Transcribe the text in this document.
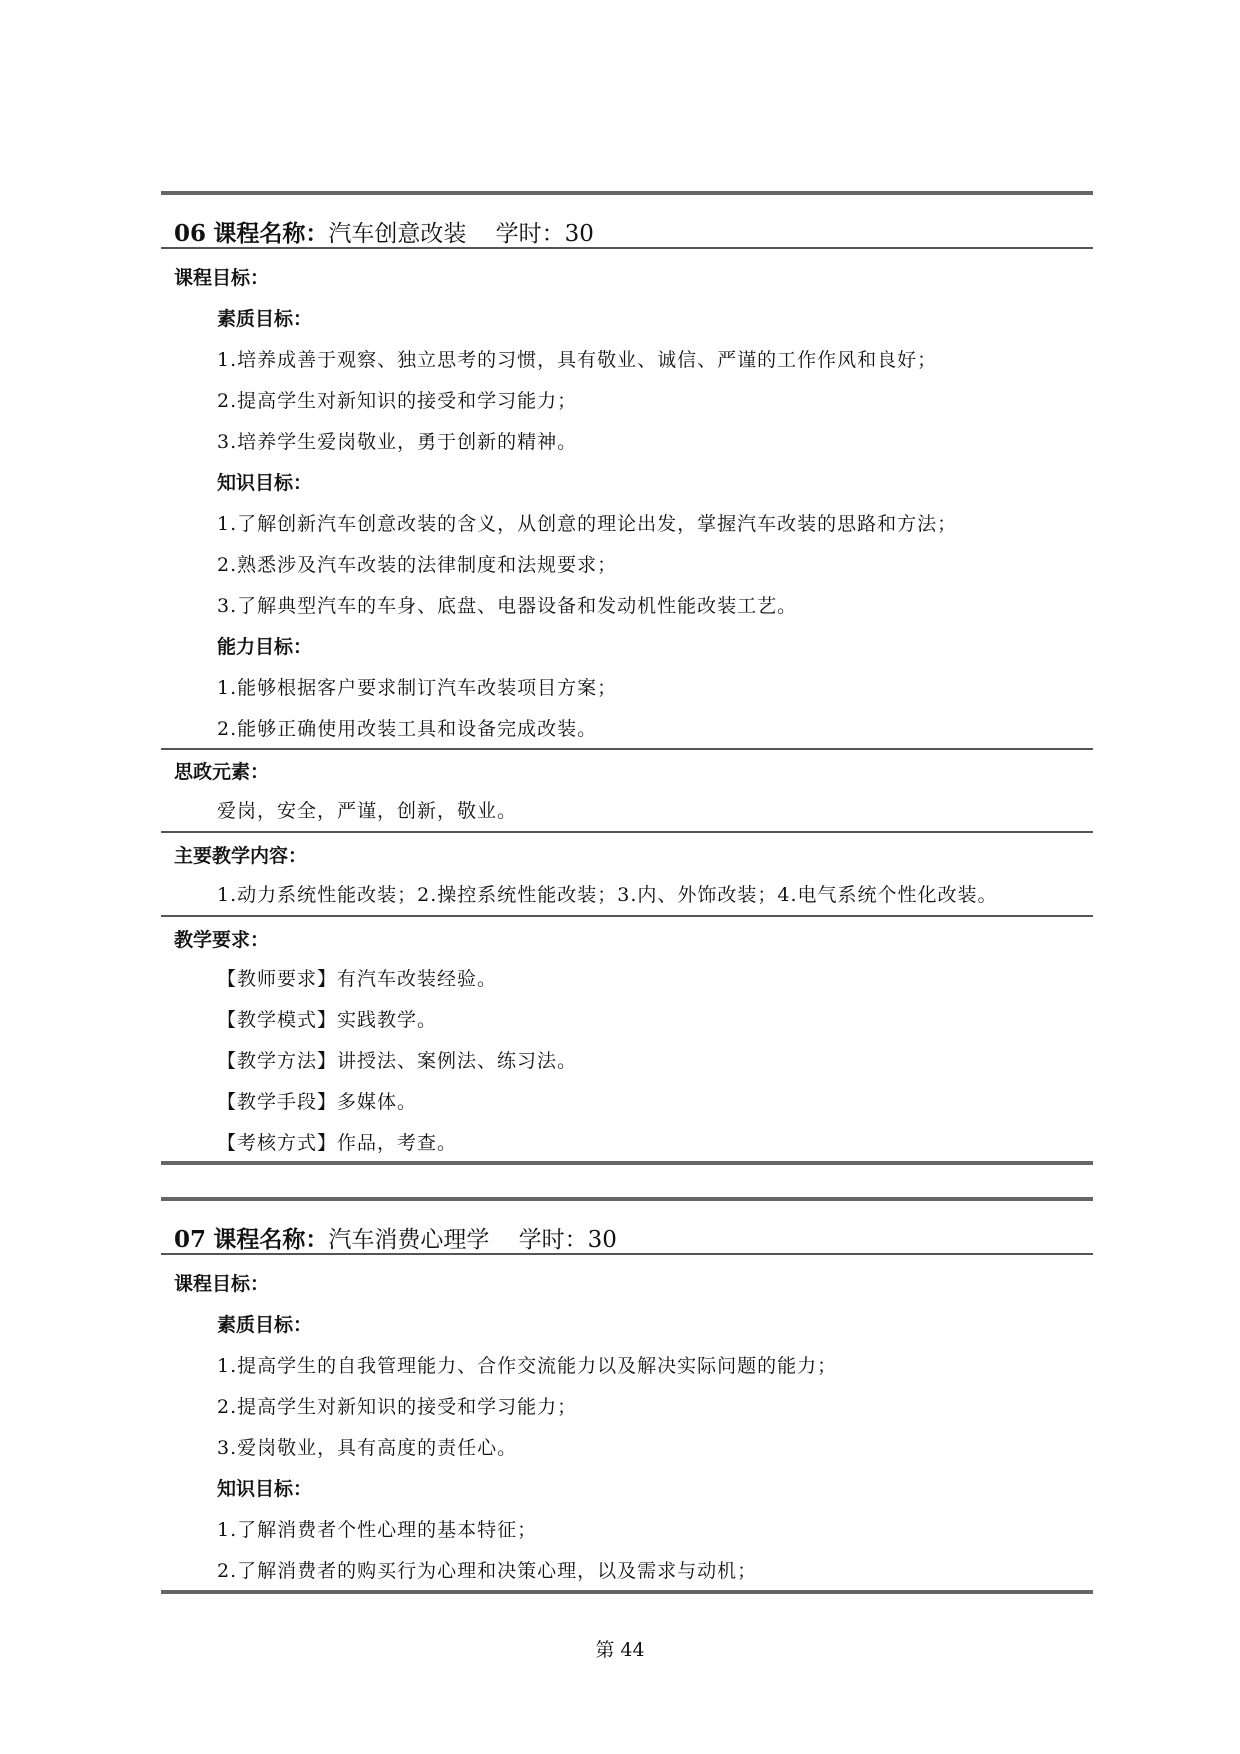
06 课程名称：汽车创意改装 学时：30
课程目标：
素质目标：
1.培养成善于观察、独立思考的习惯，具有敬业、诚信、严谨的工作作风和良好；
2.提高学生对新知识的接受和学习能力；
3.培养学生爱岗敬业，勇于创新的精神。
知识目标：
1.了解创新汽车创意改装的含义，从创意的理论出发，掌握汽车改装的思路和方法；
2.熟悉涉及汽车改装的法律制度和法规要求；
3.了解典型汽车的车身、底盘、电器设备和发动机性能改装工艺。
能力目标：
1.能够根据客户要求制订汽车改装项目方案；
2.能够正确使用改装工具和设备完成改装。
思政元素：
爱岗，安全，严谨，创新，敬业。
主要教学内容：
1.动力系统性能改装；2.操控系统性能改装；3.内、外饰改装；4.电气系统个性化改装。
教学要求：
【教师要求】有汽车改装经验。
【教学模式】实践教学。
【教学方法】讲授法、案例法、练习法。
【教学手段】多媒体。
【考核方式】作品，考查。
07 课程名称：汽车消费心理学 学时：30
课程目标：
素质目标：
1.提高学生的自我管理能力、合作交流能力以及解决实际问题的能力；
2.提高学生对新知识的接受和学习能力；
3.爱岗敬业，具有高度的责任心。
知识目标：
1.了解消费者个性心理的基本特征；
2.了解消费者的购买行为心理和决策心理，以及需求与动机；
第 44
